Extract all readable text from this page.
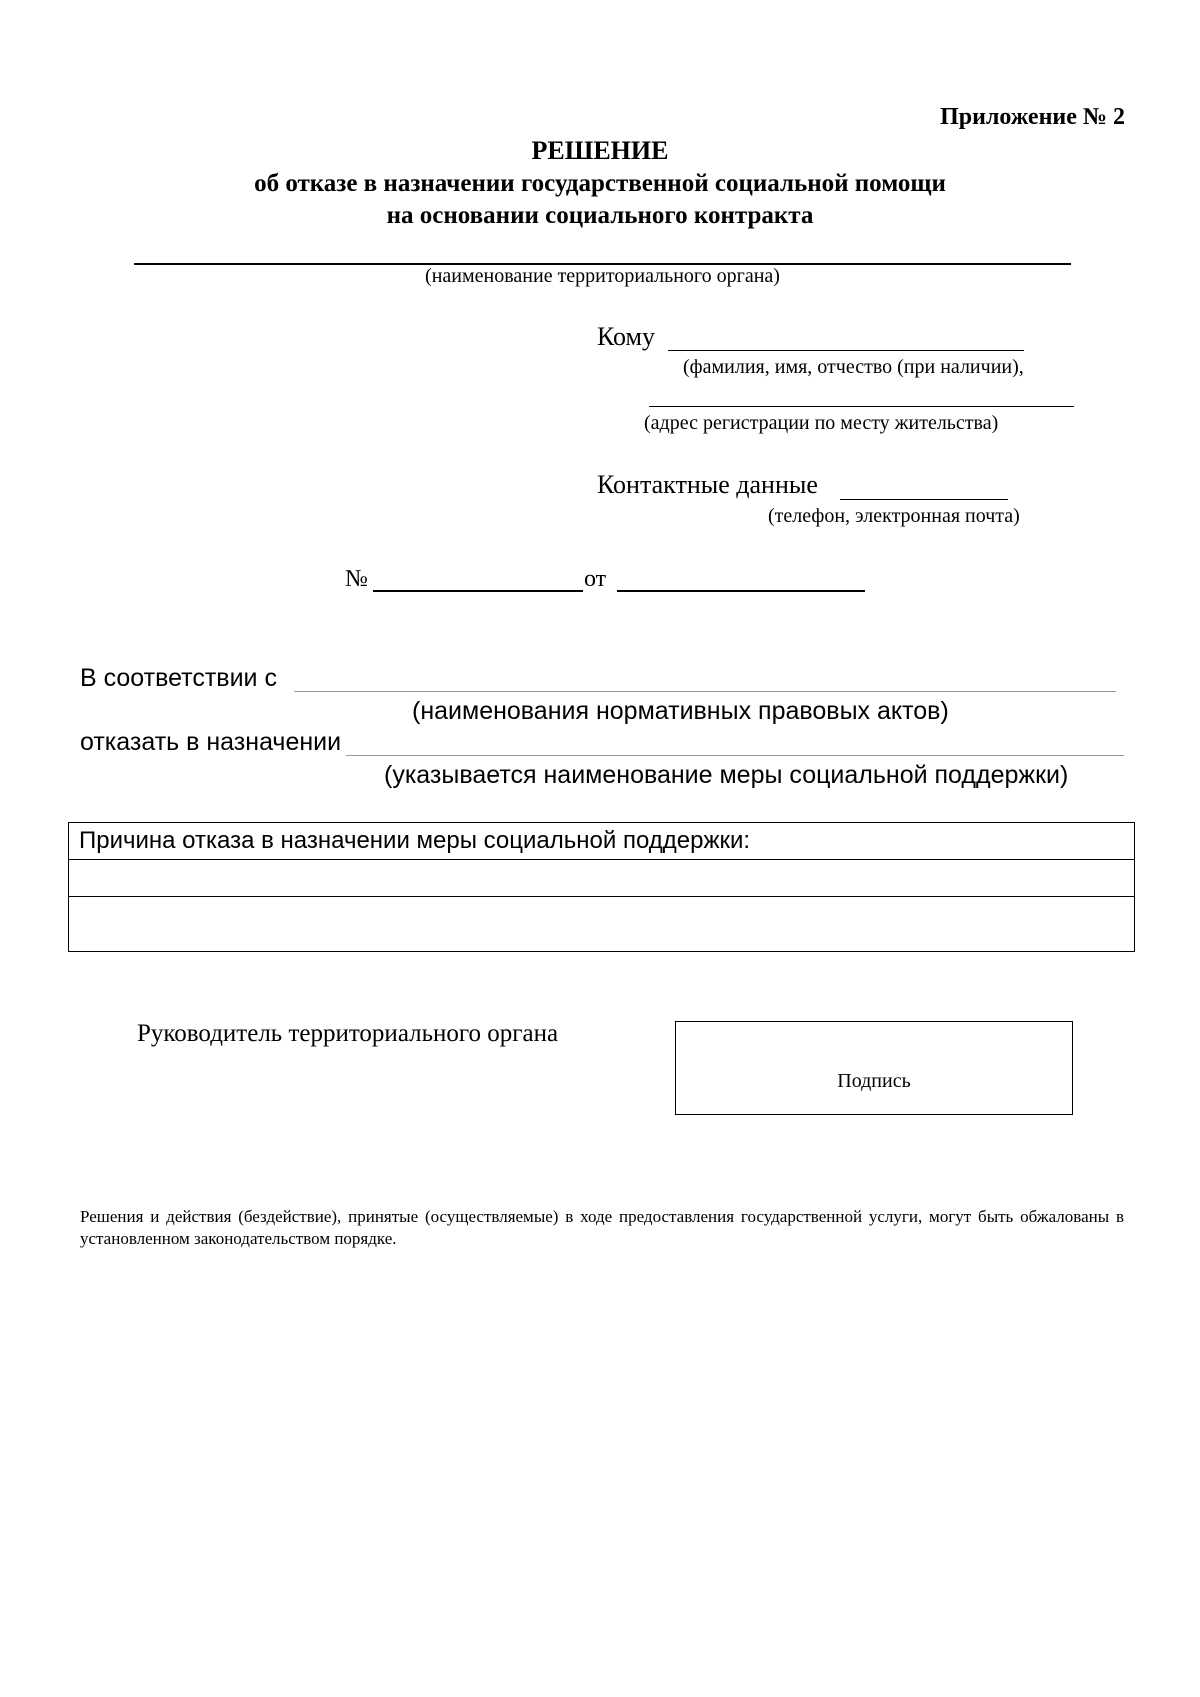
Приложение № 2
РЕШЕНИЕ
об отказе в назначении государственной социальной помощи
на основании социального контракта
(наименование территориального органа)
Кому
(фамилия, имя, отчество (при наличии),
(адрес регистрации по месту жительства)
Контактные данные
(телефон, электронная почта)
№	от
В соответствии с
(наименования нормативных правовых актов)
отказать в назначении
(указывается наименование меры социальной поддержки)
Причина отказа в назначении меры социальной поддержки:
Руководитель территориального органа
Подпись
Решения и действия (бездействие), принятые (осуществляемые) в ходе предоставления государственной услуги, могут быть обжалованы в установленном законодательством порядке.
